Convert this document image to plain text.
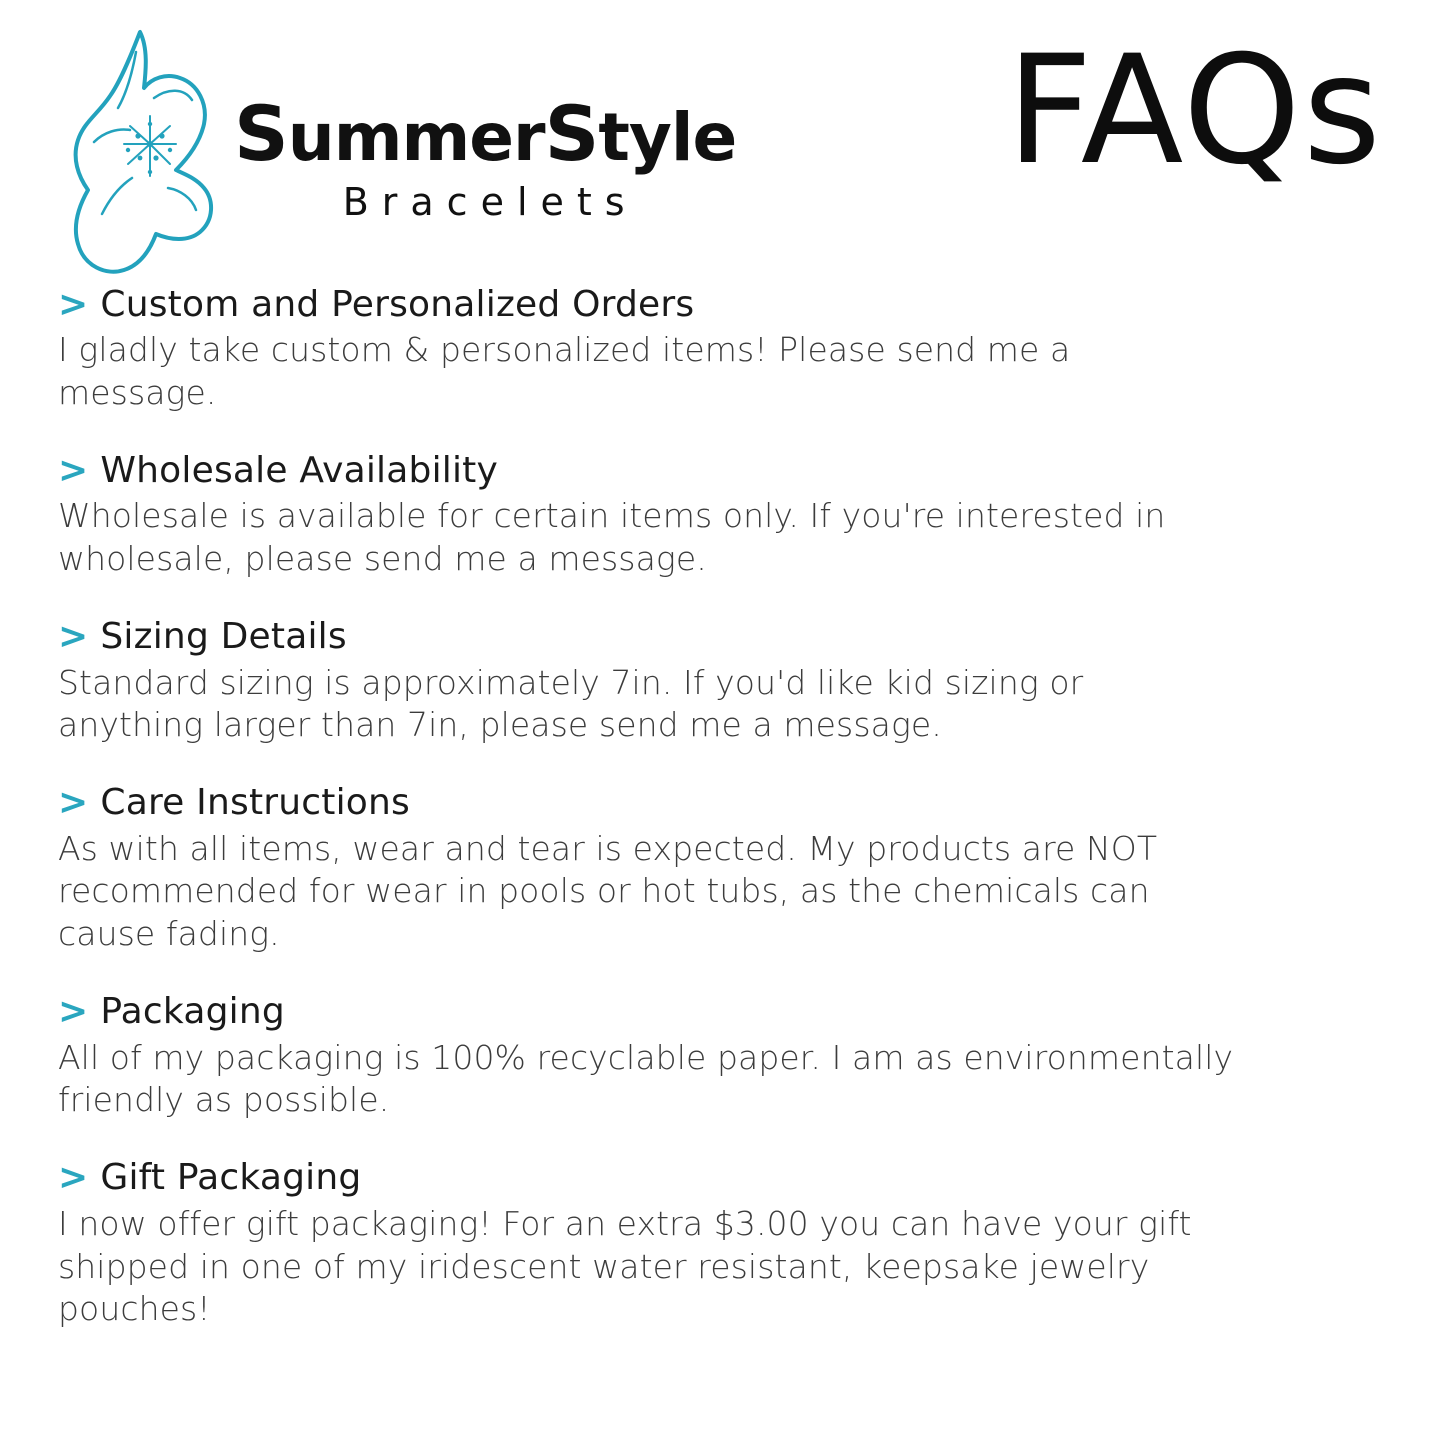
SummerStyle
Bracelets
FAQs
> Custom and Personalized Orders
I gladly take custom & personalized items! Please send me a message.
> Wholesale Availability
Wholesale is available for certain items only. If you're interested in wholesale, please send me a message.
> Sizing Details
Standard sizing is approximately 7in. If you'd like kid sizing or anything larger than 7in, please send me a message.
> Care Instructions
As with all items, wear and tear is expected. My products are NOT recommended for wear in pools or hot tubs, as the chemicals can cause fading.
> Packaging
All of my packaging is 100% recyclable paper. I am as environmentally friendly as possible.
> Gift Packaging
I now offer gift packaging! For an extra $3.00 you can have your gift shipped in one of my iridescent water resistant, keepsake jewelry pouches!
